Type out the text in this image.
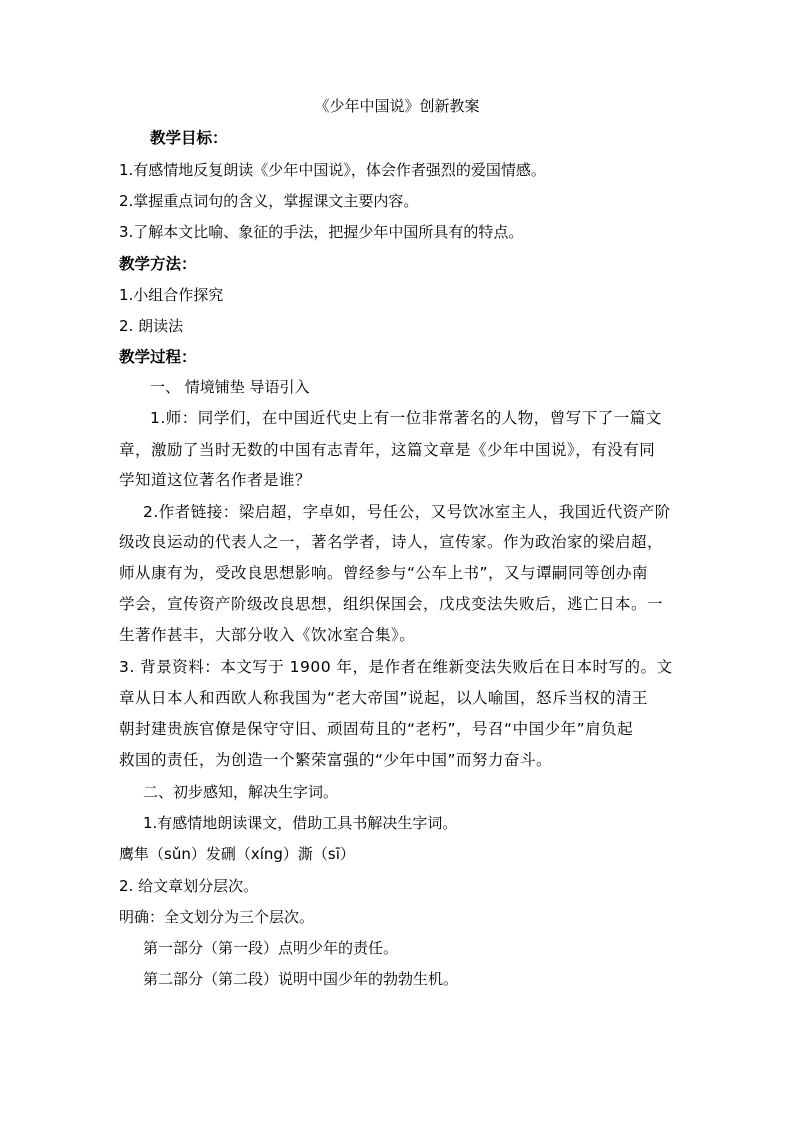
《少年中国说》创新教案
教学目标：
1.有感情地反复朗读《少年中国说》，体会作者强烈的爱国情感。
2.掌握重点词句的含义，掌握课文主要内容。
3.了解本文比喻、象征的手法，把握少年中国所具有的特点。
教学方法：
1.小组合作探究
2. 朗读法
教学过程：
一、 情境铺垫 导语引入
1.师：同学们，在中国近代史上有一位非常著名的人物，曾写下了一篇文
章，激励了当时无数的中国有志青年，这篇文章是《少年中国说》，有没有同
学知道这位著名作者是谁？
2.作者链接：梁启超，字卓如，号任公，又号饮冰室主人，我国近代资产阶
级改良运动的代表人之一，著名学者，诗人，宣传家。作为政治家的梁启超，
师从康有为，受改良思想影响。曾经参与“公车上书”，又与谭嗣同等创办南
学会，宣传资产阶级改良思想，组织保国会，戊戌变法失败后，逃亡日本。一
生著作甚丰，大部分收入《饮冰室合集》。
3. 背景资料：本文写于 1900 年，是作者在维新变法失败后在日本时写的。文
章从日本人和西欧人称我国为“老大帝国”说起，以人喻国，怒斥当权的清王
朝封建贵族官僚是保守守旧、顽固苟且的“老朽”，号召“中国少年”肩负起
救国的责任，为创造一个繁荣富强的“少年中国”而努力奋斗。
二、初步感知，解决生字词。
1.有感情地朗读课文，借助工具书解决生字词。
鹰隼（sǔn）发硎（xíng）澌（sī）
2. 给文章划分层次。
明确：全文划分为三个层次。
第一部分（第一段）点明少年的责任。
第二部分（第二段）说明中国少年的勃勃生机。
